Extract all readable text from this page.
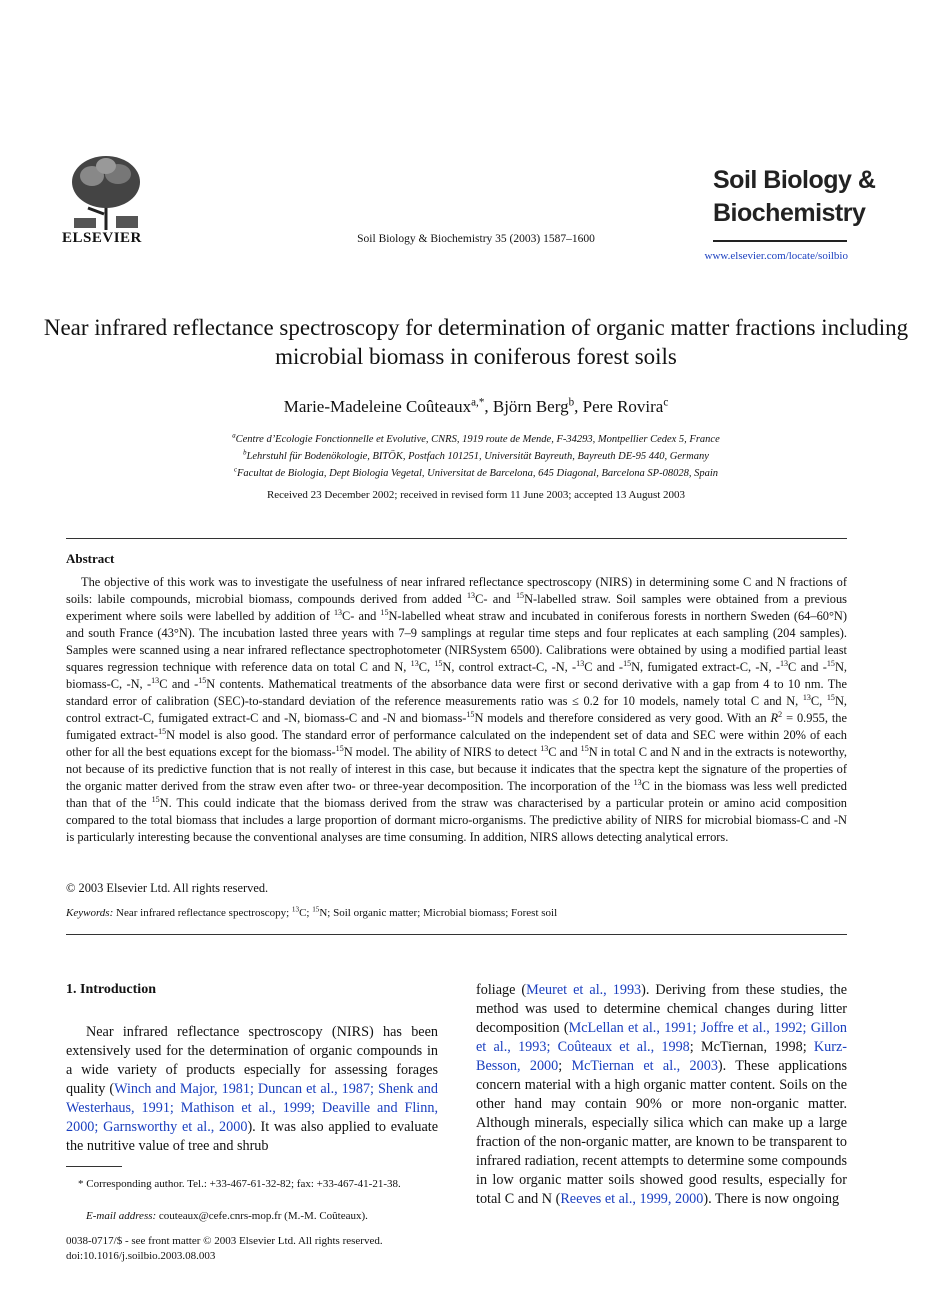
ELSEVIER	Soil Biology & Biochemistry 35 (2003) 1587–1600
Soil Biology &
Biochemistry
www.elsevier.com/locate/soilbio
Near infrared reflectance spectroscopy for determination of organic matter fractions including microbial biomass in coniferous forest soils
Marie-Madeleine Coûteaux$^{a,*}$, Björn Berg$^b$, Pere Rovira$^c$
$^a$Centre d’Ecologie Fonctionnelle et Evolutive, CNRS, 1919 route de Mende, F-34293, Montpellier Cedex 5, France
$^b$Lehrstuhl für Bodenökologie, BITÖK, Postfach 101251, Universität Bayreuth, Bayreuth DE-95 440, Germany
$^c$Facultat de Biologia, Dept Biologia Vegetal, Universitat de Barcelona, 645 Diagonal, Barcelona SP-08028, Spain
Received 23 December 2002; received in revised form 11 June 2003; accepted 13 August 2003
Abstract
The objective of this work was to investigate the usefulness of near infrared reflectance spectroscopy (NIRS) in determining some C and N fractions of soils: labile compounds, microbial biomass, compounds derived from added $^{13}$C- and $^{15}$N-labelled straw. Soil samples were obtained from a previous experiment where soils were labelled by addition of $^{13}$C- and $^{15}$N-labelled wheat straw and incubated in coniferous forests in northern Sweden (64–60°N) and south France (43°N). The incubation lasted three years with 7–9 samplings at regular time steps and four replicates at each sampling (204 samples). Samples were scanned using a near infrared reflectance spectrophotometer (NIRSystem 6500). Calibrations were obtained by using a modified partial least squares regression technique with reference data on total C and N, $^{13}$C, $^{15}$N, control extract-C, -N, -$^{13}$C and -$^{15}$N, fumigated extract-C, -N, -$^{13}$C and -$^{15}$N, biomass-C, -N, -$^{13}$C and -$^{15}$N contents. Mathematical treatments of the absorbance data were first or second derivative with a gap from 4 to 10 nm. The standard error of calibration (SEC)-to-standard deviation of the reference measurements ratio was ≤ 0.2 for 10 models, namely total C and N, $^{13}$C, $^{15}$N, control extract-C, fumigated extract-C and -N, biomass-C and -N and biomass-$^{15}$N models and therefore considered as very good. With an $R^2 = 0.955$, the fumigated extract-$^{15}$N model is also good. The standard error of performance calculated on the independent set of data and SEC were within 20% of each other for all the best equations except for the biomass-$^{15}$N model. The ability of NIRS to detect $^{13}$C and $^{15}$N in total C and N and in the extracts is noteworthy, not because of its predictive function that is not really of interest in this case, but because it indicates that the spectra kept the signature of the properties of the organic matter derived from the straw even after two- or three-year decomposition. The incorporation of the $^{13}$C in the biomass was less well predicted than that of the $^{15}$N. This could indicate that the biomass derived from the straw was characterised by a particular protein or amino acid composition compared to the total biomass that includes a large proportion of dormant micro-organisms. The predictive ability of NIRS for microbial biomass-C and -N is particularly interesting because the conventional analyses are time consuming. In addition, NIRS allows detecting analytical errors.
© 2003 Elsevier Ltd. All rights reserved.
Keywords: Near infrared reflectance spectroscopy; $^{13}$C; $^{15}$N; Soil organic matter; Microbial biomass; Forest soil
1. Introduction
Near infrared reflectance spectroscopy (NIRS) has been extensively used for the determination of organic compounds in a wide variety of products especially for assessing forages quality (Winch and Major, 1981; Duncan et al., 1987; Shenk and Westerhaus, 1991; Mathison et al., 1999; Deaville and Flinn, 2000; Garnsworthy et al., 2000). It was also applied to evaluate the nutritive value of tree and shrub
foliage (Meuret et al., 1993). Deriving from these studies, the method was used to determine chemical changes during litter decomposition (McLellan et al., 1991; Joffre et al., 1992; Gillon et al., 1993; Coûteaux et al., 1998; McTiernan, 1998; Kurz-Besson, 2000; McTiernan et al., 2003). These applications concern material with a high organic matter content. Soils on the other hand may contain 90% or more non-organic matter. Although minerals, especially silica which can make up a large fraction of the non-organic matter, are known to be transparent to infrared radiation, recent attempts to determine some compounds in low organic matter soils showed good results, especially for total C and N (Reeves et al., 1999, 2000). There is now ongoing
* Corresponding author. Tel.: +33-467-61-32-82; fax: +33-467-41-21-38.
E-mail address: couteaux@cefe.cnrs-mop.fr (M.-M. Coûteaux).
0038-0717/$ - see front matter © 2003 Elsevier Ltd. All rights reserved.
doi:10.1016/j.soilbio.2003.08.003
